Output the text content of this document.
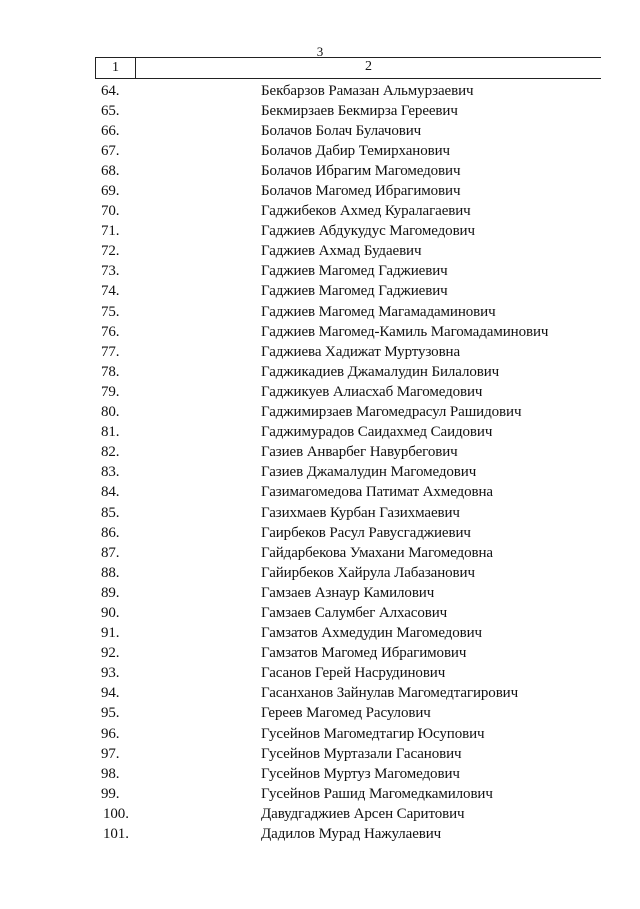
3
1	2
64.	Бекбарзов Рамазан Альмурзаевич
65.	Бекмирзаев Бекмирза Гереевич
66.	Болачов Болач Булачович
67.	Болачов Дабир Темирханович
68.	Болачов Ибрагим Магомедович
69.	Болачов Магомед Ибрагимович
70.	Гаджибеков Ахмед Куралагаевич
71.	Гаджиев Абдукудус Магомедович
72.	Гаджиев Ахмад Будаевич
73.	Гаджиев Магомед Гаджиевич
74.	Гаджиев Магомед Гаджиевич
75.	Гаджиев Магомед Магамадаминович
76.	Гаджиев Магомед-Камиль Магомадаминович
77.	Гаджиева Хадижат Муртузовна
78.	Гаджикадиев Джамалудин Билалович
79.	Гаджикуев Алиасхаб Магомедович
80.	Гаджимирзаев Магомедрасул Рашидович
81.	Гаджимурадов Саидахмед Саидович
82.	Газиев Анварбег Навурбегович
83.	Газиев Джамалудин Магомедович
84.	Газимагомедова Патимат Ахмедовна
85.	Газихмаев Курбан Газихмаевич
86.	Гаирбеков Расул Равусгаджиевич
87.	Гайдарбекова Умахани Магомедовна
88.	Гайирбеков Хайрула Лабазанович
89.	Гамзаев Азнаур Камилович
90.	Гамзаев Салумбег Алхасович
91.	Гамзатов Ахмедудин Магомедович
92.	Гамзатов Магомед Ибрагимович
93.	Гасанов Герей Насрудинович
94.	Гасанханов Зайнулав Магомедтагирович
95.	Гереев Магомед Расулович
96.	Гусейнов Магомедтагир Юсупович
97.	Гусейнов Муртазали Гасанович
98.	Гусейнов Муртуз Магомедович
99.	Гусейнов Рашид Магомедкамилович
100.	Давудгаджиев Арсен Саритович
101.	Дадилов Мурад Нажулаевич
